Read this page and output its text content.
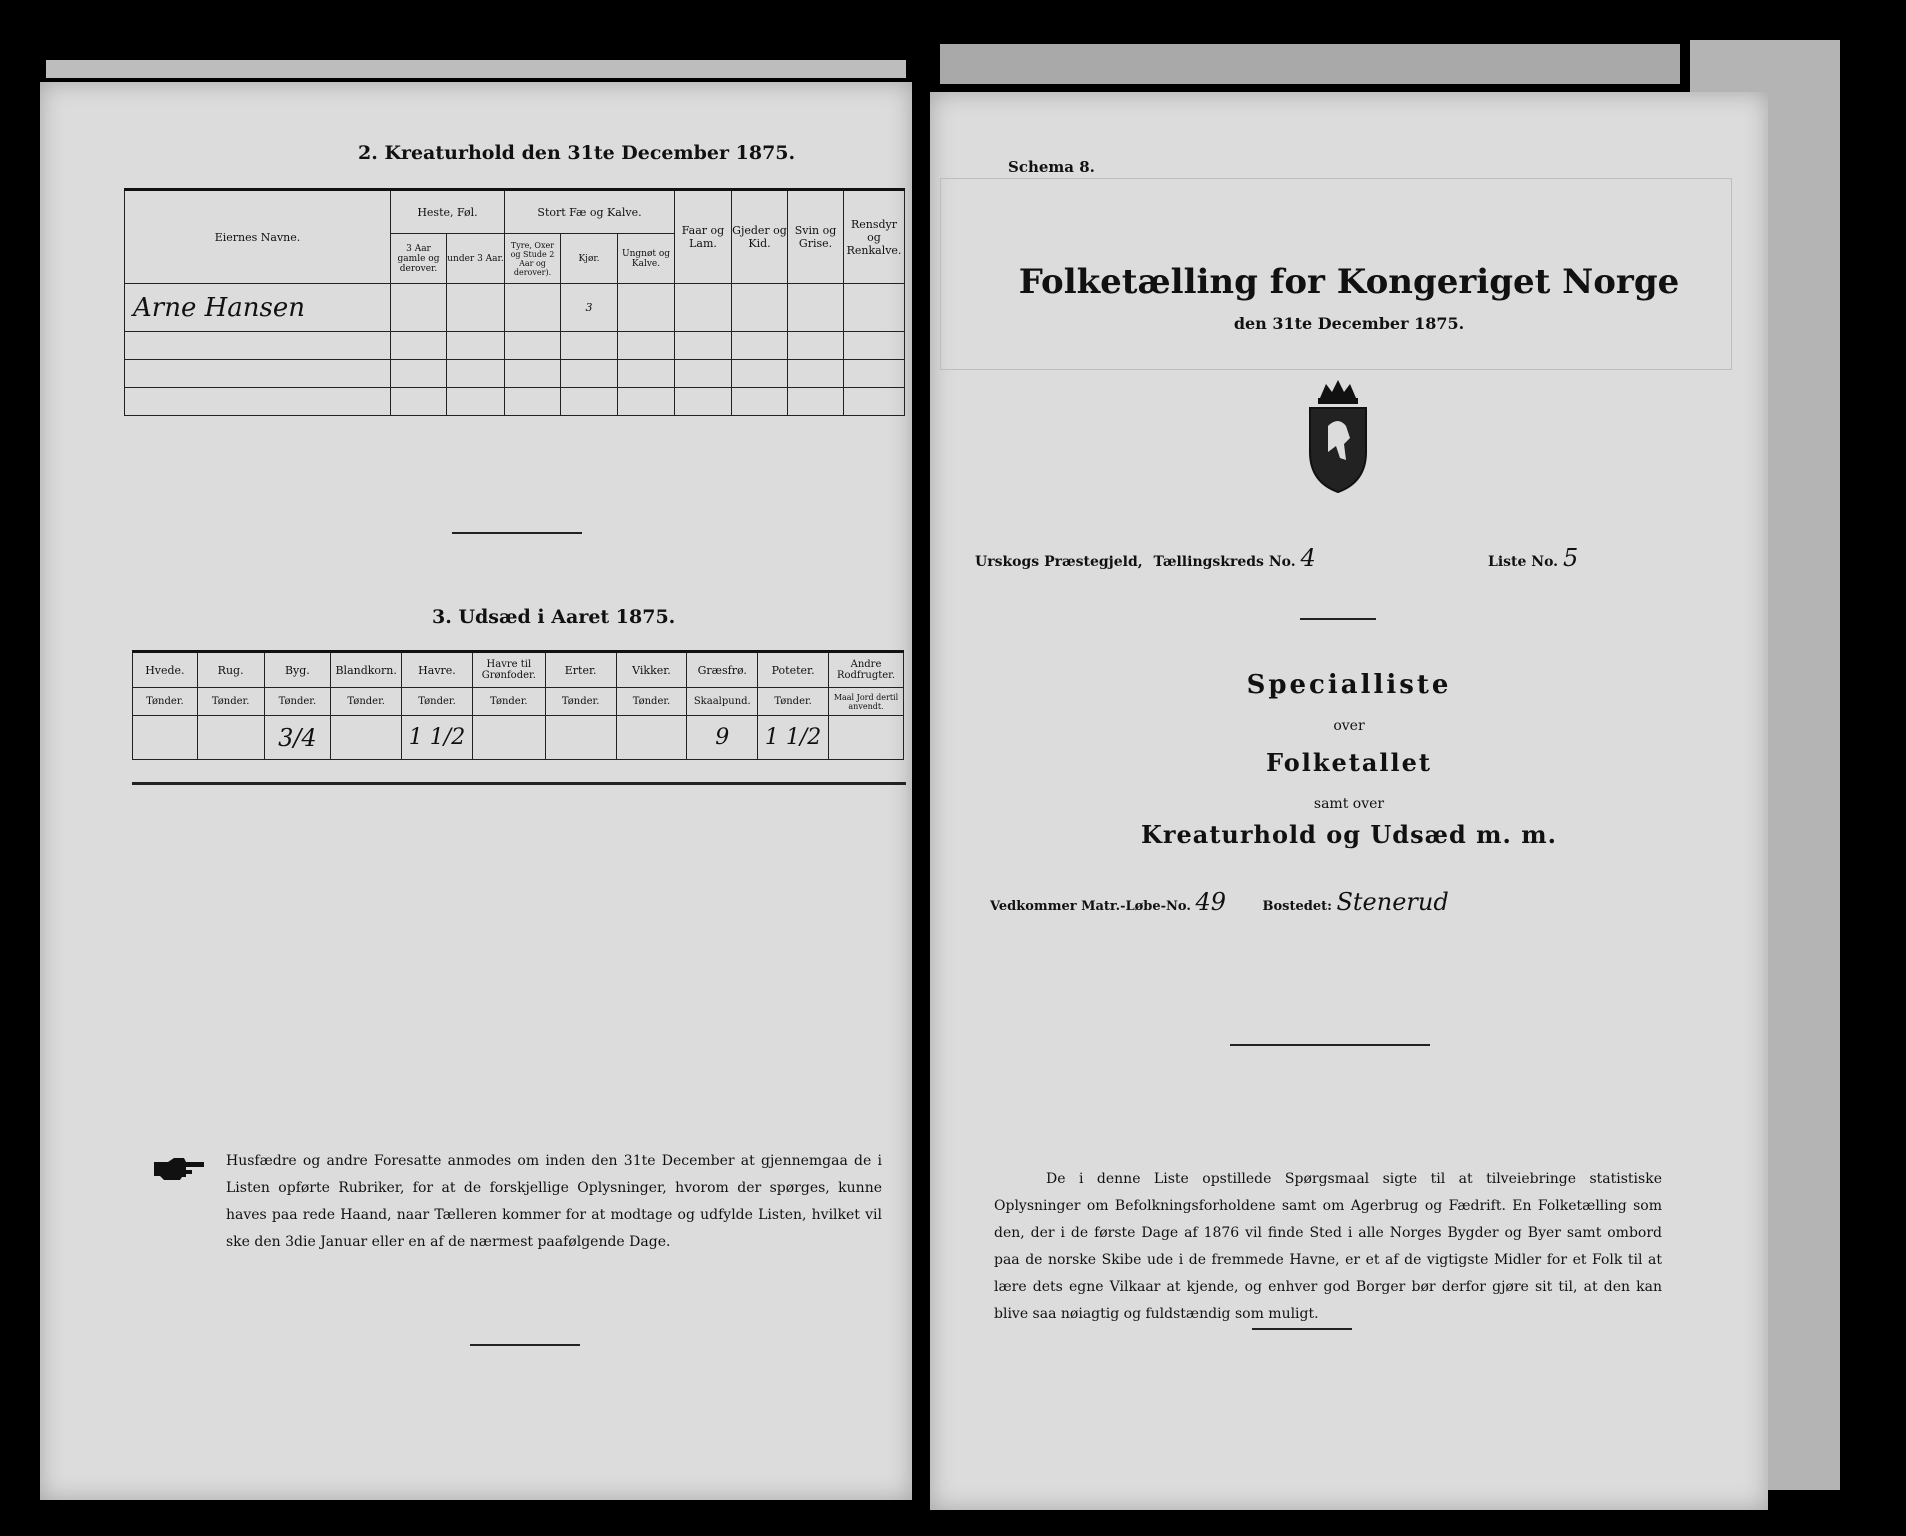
2. Kreaturhold den 31te December 1875.
Eiernes Navne.	Heste, Føl.		Stort Fæ og Kalve.			Faar og Lam.	Gjeder og Kid.	Svin og Grise.	Rensdyr og Renkalve.
	3 Aar gamle og derover.	under 3 Aar.	Tyre, Oxer og Stude 2 Aar og derover).	Kjør.	Ungnøt og Kalve.				
Arne Hansen				3					

3. Udsæd i Aaret 1875.
Hvede.	Rug.	Byg.	Blandkorn.	Havre.	Havre til Grønfoder.	Erter.	Vikker.	Græsfrø.	Poteter.	Andre Rodfrugter.
Tønder.	Tønder.	Tønder.	Tønder.	Tønder.	Tønder.	Tønder.	Tønder.	Skaalpund.	Tønder.	Maal Jord dertil anvendt.
		3/4		1 1/2				9	1 1/2	
Husfædre og andre Foresatte anmodes om inden den 31te December at gjennemgaa de i Listen opførte Rubriker, for at de forskjellige Oplysninger, hvorom der spørges, kunne haves paa rede Haand, naar Tælleren kommer for at modtage og udfylde Listen, hvilket vil ske den 3die Januar eller en af de nærmest paafølgende Dage.
Schema 8.
Folketælling for Kongeriget Norge
den 31te December 1875.
Urskogs Præstegjeld, Tællingskreds No. 4	Liste No. 5
Specialliste
over
Folketallet
samt over
Kreaturhold og Udsæd m. m.
Vedkommer Matr.-Løbe-No. 49	Bostedet: Stenerud
De i denne Liste opstillede Spørgsmaal sigte til at tilveiebringe statistiske Oplysninger om Befolkningsforholdene samt om Agerbrug og Fædrift. En Folketælling som den, der i de første Dage af 1876 vil finde Sted i alle Norges Bygder og Byer samt ombord paa de norske Skibe ude i de fremmede Havne, er et af de vigtigste Midler for et Folk til at lære dets egne Vilkaar at kjende, og enhver god Borger bør derfor gjøre sit til, at den kan blive saa nøiagtig og fuldstændig som muligt.
